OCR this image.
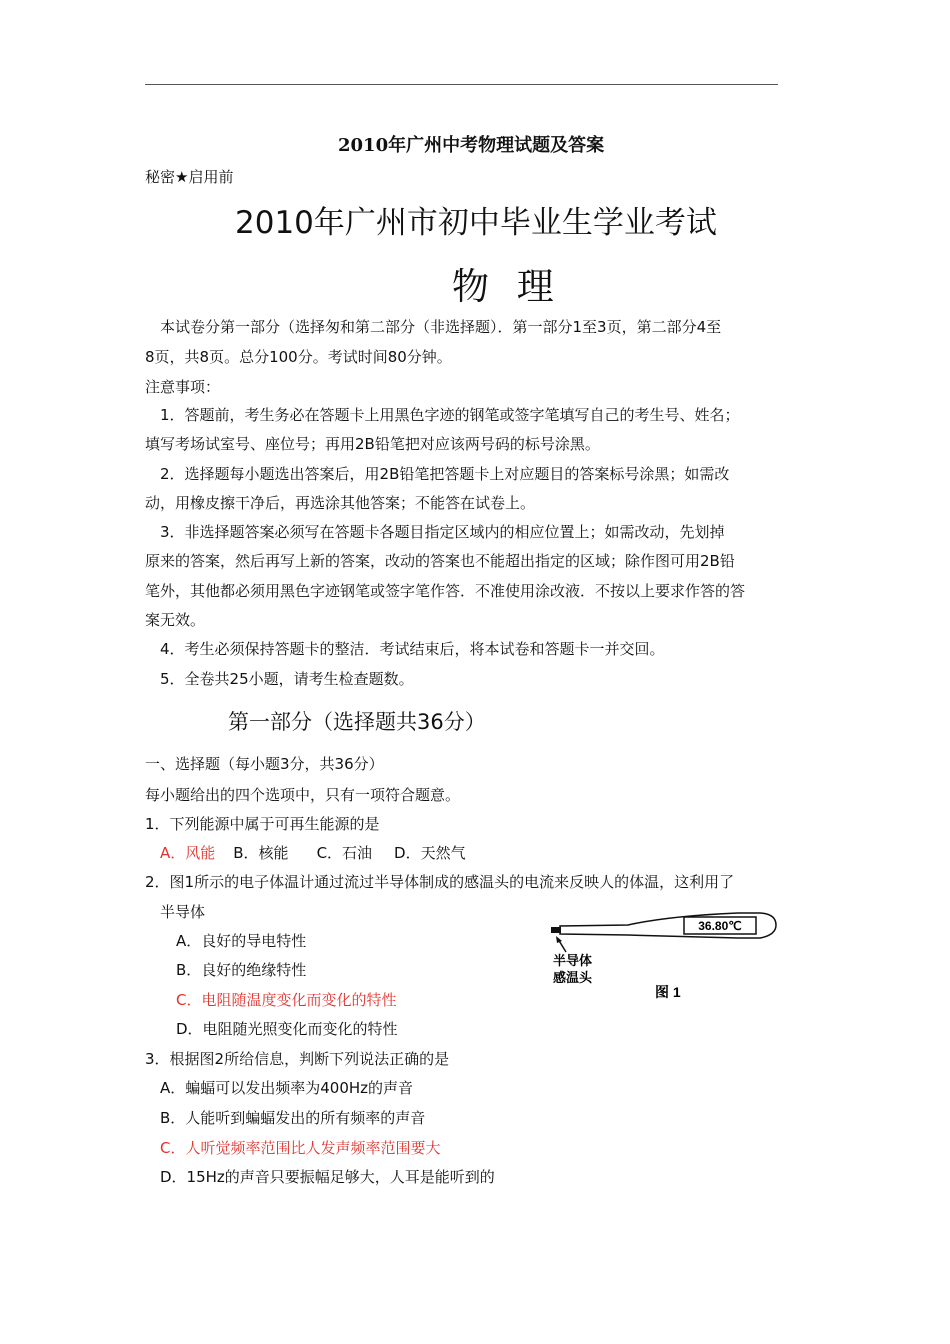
2010年广州中考物理试题及答案
秘密★启用前
2010年广州市初中毕业生学业考试
物 理
本试卷分第一部分（选择匆和第二部分（非选择题）．第一部分1至3页，第二部分4至
8页，共8页。总分100分。考试时间80分钟。
注意事项：
1．答题前，考生务必在答题卡上用黑色字迹的钢笔或签字笔填写自己的考生号、姓名；
填写考场试室号、座位号；再用2B铅笔把对应该两号码的标号涂黑。
2．选择题每小题选出答案后，用2B铅笔把答题卡上对应题目的答案标号涂黑；如需改
动，用橡皮擦干净后，再选涂其他答案；不能答在试卷上。
3．非选择题答案必须写在答题卡各题目指定区域内的相应位置上；如需改动，先划掉
原来的答案，然后再写上新的答案，改动的答案也不能超出指定的区域；除作图可用2B铅
笔外，其他都必须用黑色字迹钢笔或签字笔作答．不准使用涂改液．不按以上要求作答的答
案无效。
4．考生必须保持答题卡的整洁．考试结束后，将本试卷和答题卡一并交回。
5．全卷共25小题，请考生检查题数。
第一部分（选择题共36分）
一、选择题（每小题3分，共36分）
每小题给出的四个选项中，只有一项符合题意。
1．下列能源中属于可再生能源的是
A．风能 B．核能 C．石油 D．天然气
2．图1所示的电子体温计通过流过半导体制成的感温头的电流来反映人的体温，这利用了
半导体
A．良好的导电特性
B．良好的绝缘特性
C．电阻随温度变化而变化的特性
D．电阻随光照变化而变化的特性
36.80℃
半导体
感温头
图 1
3．根据图2所给信息，判断下列说法正确的是
A．蝙蝠可以发出频率为400Hz的声音
B．人能听到蝙蝠发出的所有频率的声音
C．人听觉频率范围比人发声频率范围要大
D．15Hz的声音只要振幅足够大，人耳是能听到的
